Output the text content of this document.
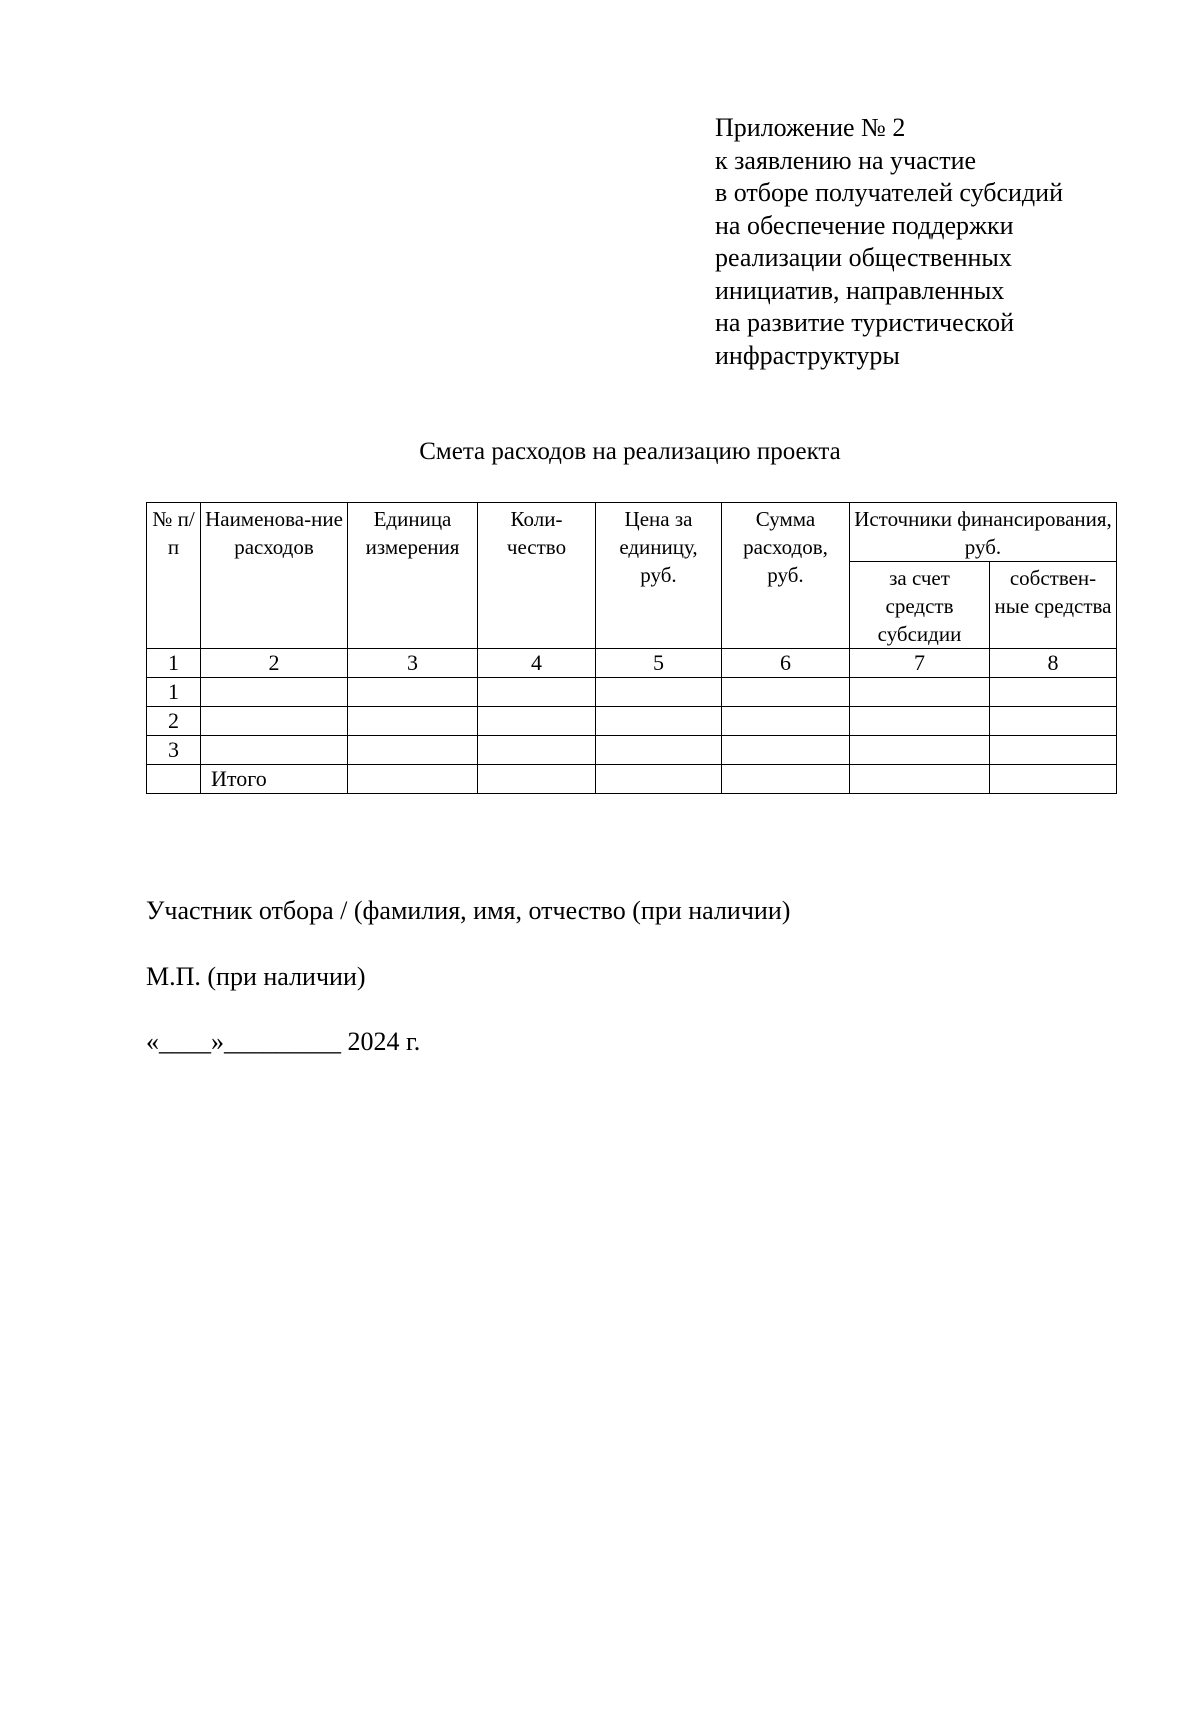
Приложение № 2
к заявлению на участие
в отборе получателей субсидий
на обеспечение поддержки
реализации общественных
инициатив, направленных
на развитие туристической
инфраструктуры
Смета расходов на реализацию проекта
№ п/п	Наименова-ние расходов	Единица измерения	Коли-чество	Цена за единицу, руб.	Сумма расходов, руб.	Источники финансирования, руб.	
						за счет средств субсидии	собствен-ные средства
1	2	3	4	5	6	7	8
1							
2							
3							
	Итого						
Участник отбора / (фамилия, имя, отчество (при наличии)
М.П. (при наличии)
«____»_________ 2024 г.
